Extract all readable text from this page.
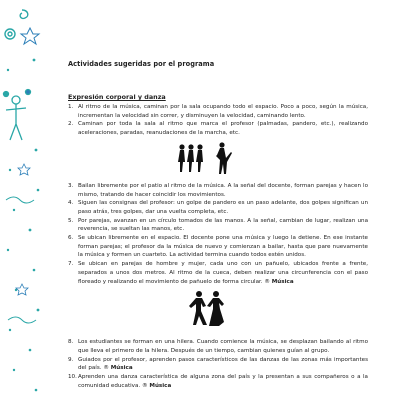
Actividades sugeridas por el programa
Expresión corporal y danza
1. Al ritmo de la música, caminan por la sala ocupando todo el espacio. Poco a poco, según la música, incrementan la velocidad sin correr, y disminuyen la velocidad, caminando lento.
2. Caminan por toda la sala al ritmo que marca el profesor (palmadas, pandero, etc.), realizando aceleraciones, paradas, reanudaciones de la marcha, etc.
3. Bailan libremente por el patio al ritmo de la música. A la señal del docente, forman parejas y hacen lo mismo, tratando de hacer coincidir los movimientos.
4. Siguen las consignas del profesor: un golpe de pandero es un paso adelante, dos golpes significan un paso atrás, tres golpes, dar una vuelta completa, etc.
5. Por parejas, avanzan en un círculo tomados de las manos. A la señal, cambian de lugar, realizan una reverencia, se sueltan las manos, etc.
6. Se ubican libremente en el espacio. El docente pone una música y luego la detiene. En ese instante forman parejas; el profesor da la música de nuevo y comienzan a bailar, hasta que pare nuevamente la música y formen un cuarteto. La actividad termina cuando todos estén unidos.
7. Se ubican en parejas de hombre y mujer, cada uno con un pañuelo, ubicados frente a frente, separados a unos dos metros. Al ritmo de la cueca, deben realizar una circunferencia con el paso floreado y realizando el movimiento de pañuelo de forma circular. ® Música
8. Los estudiantes se forman en una hilera. Cuando comience la música, se desplazan bailando al ritmo que lleva el primero de la hilera. Después de un tiempo, cambian quienes guían al grupo.
9. Guiados por el profesor, aprenden pasos característicos de las danzas de las zonas más importantes del país. ® Música
10. Aprenden una danza característica de alguna zona del país y la presentan a sus compañeros o a la comunidad educativa. ® Música
